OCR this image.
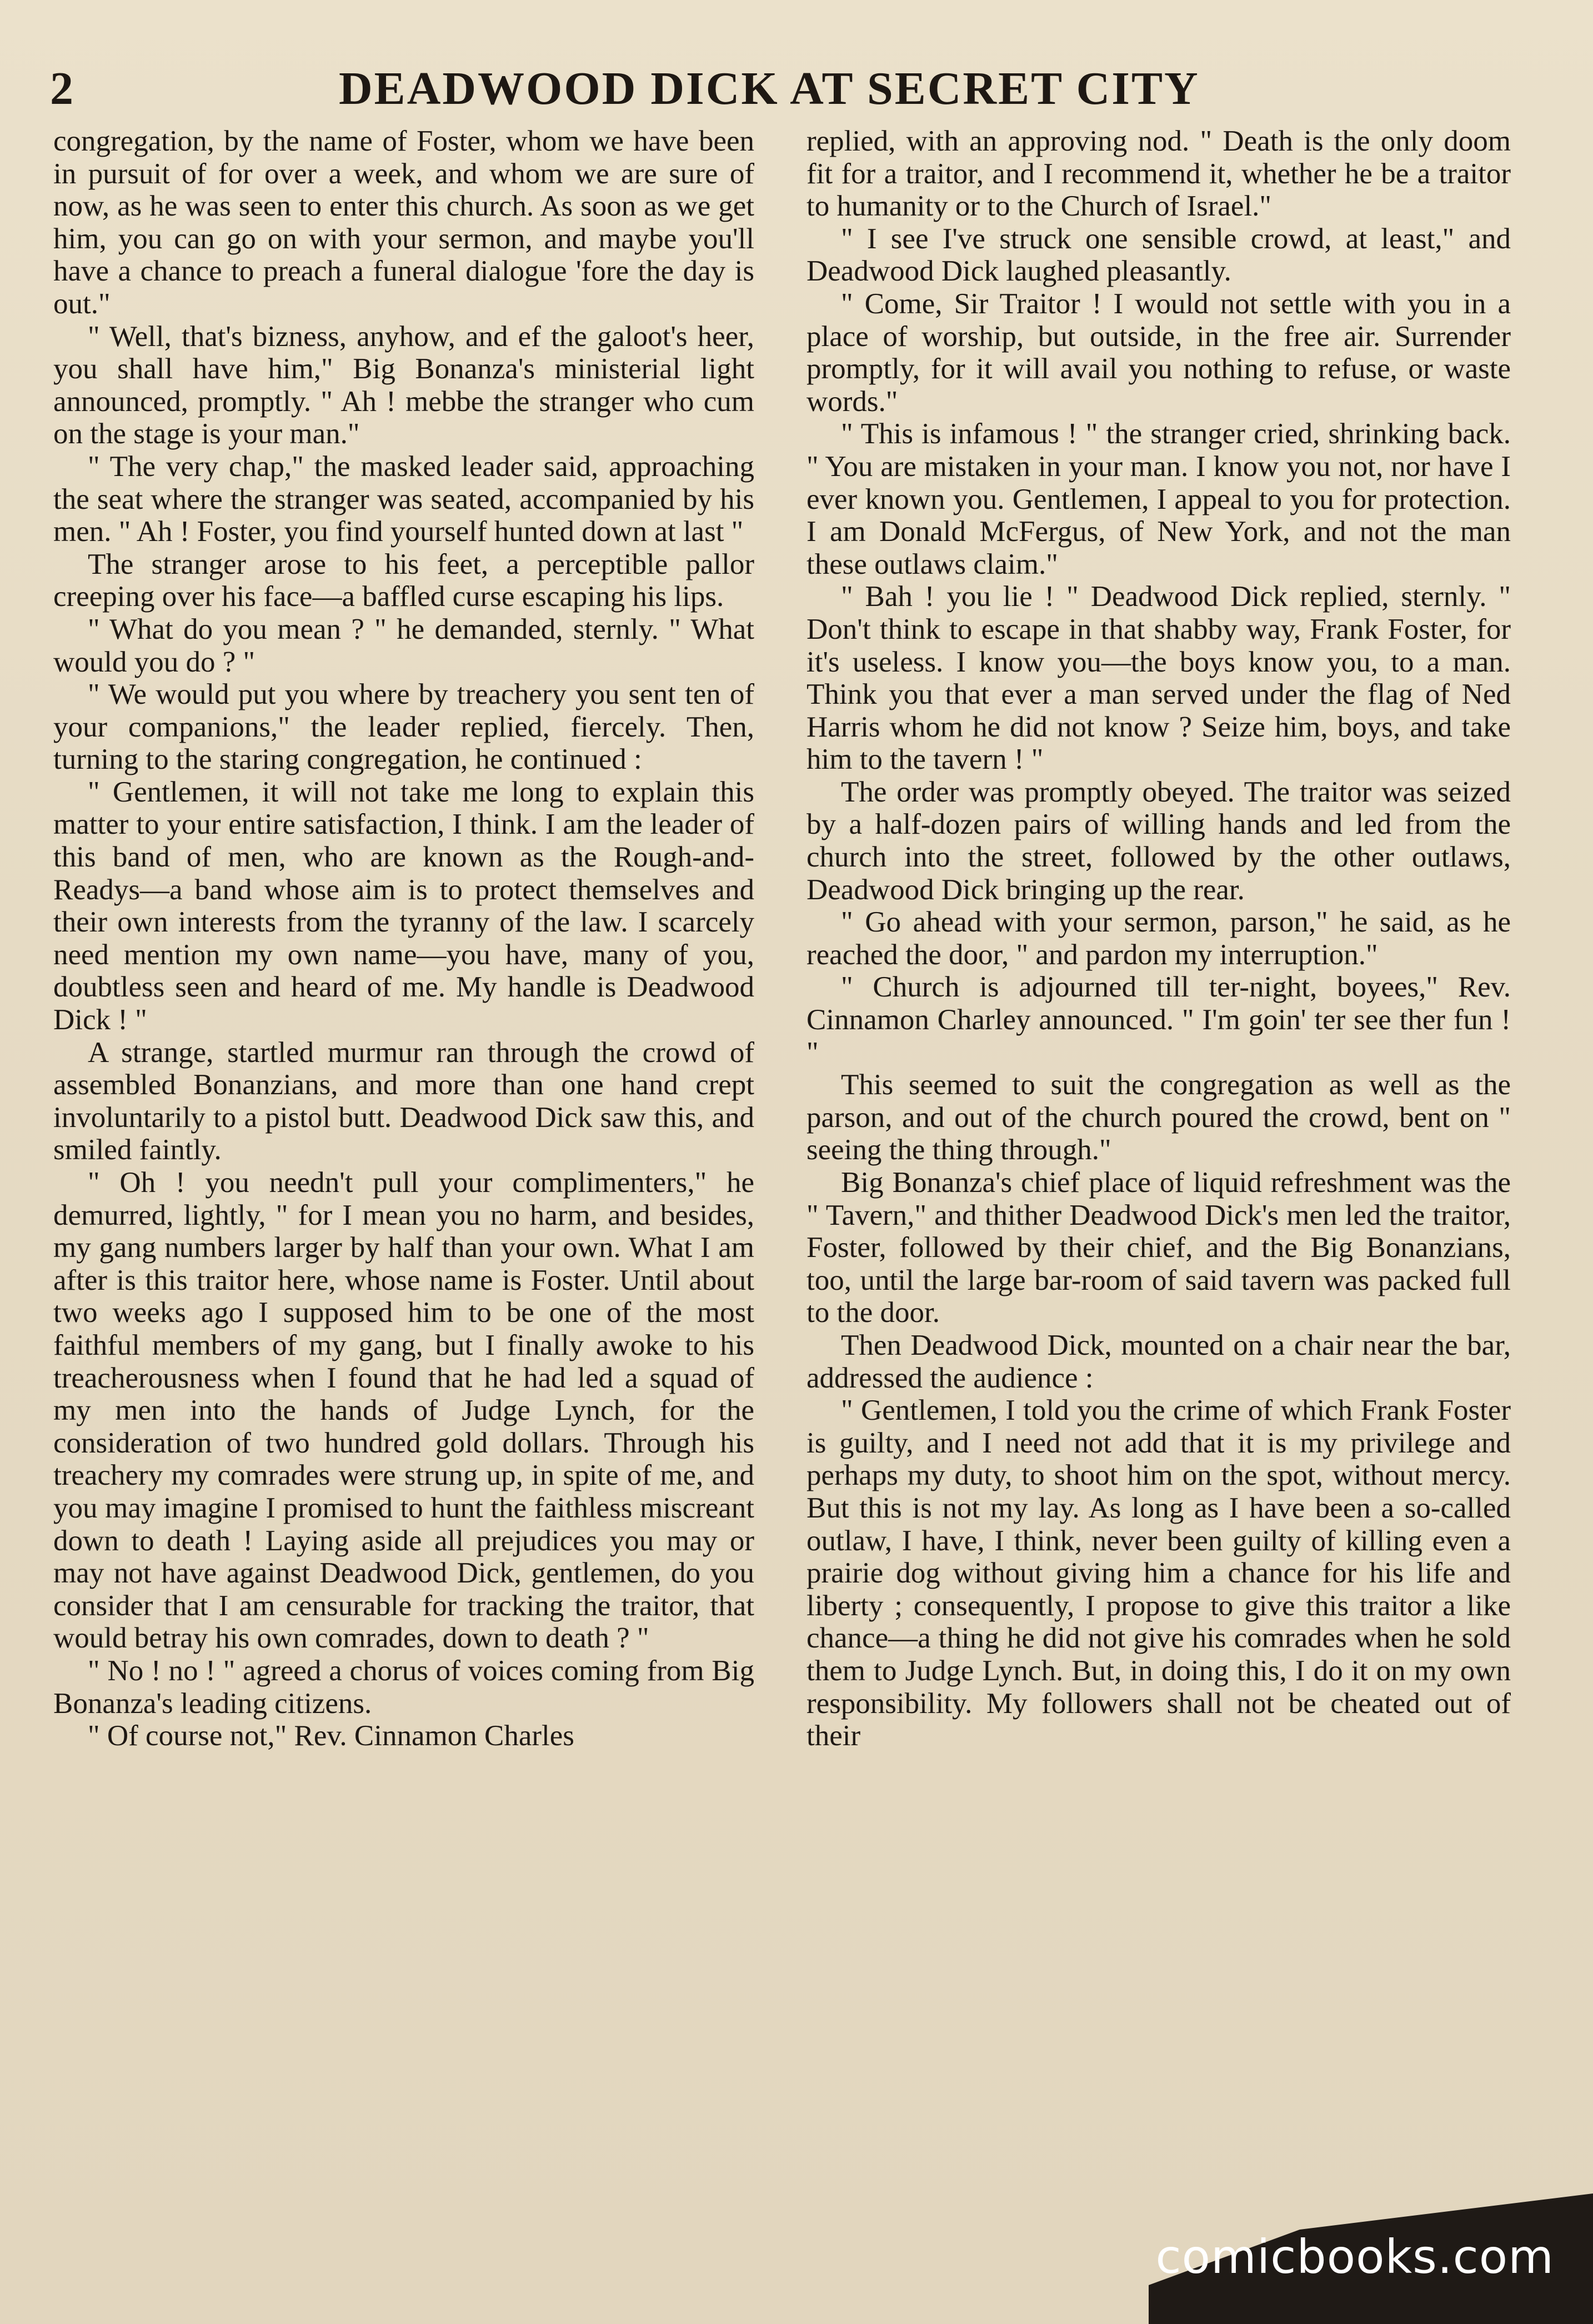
2	DEADWOOD DICK AT SECRET CITY

congregation, by the name of Foster, whom we have been in pursuit of for over a week, and whom we are sure of now, as he was seen to enter this church. As soon as we get him, you can go on with your sermon, and maybe you'll have a chance to preach a funeral dialogue 'fore the day is out."

" Well, that's bizness, anyhow, and ef the galoot's heer, you shall have him," Big Bonanza's ministerial light announced, promptly. " Ah ! mebbe the stranger who cum on the stage is your man."

" The very chap," the masked leader said, approaching the seat where the stranger was seated, accompanied by his men. " Ah ! Foster, you find yourself hunted down at last "

The stranger arose to his feet, a perceptible pallor creeping over his face—a baffled curse escaping his lips.

" What do you mean ? " he demanded, sternly. " What would you do ? "

" We would put you where by treachery you sent ten of your companions," the leader replied, fiercely. Then, turning to the staring congregation, he continued :

" Gentlemen, it will not take me long to explain this matter to your entire satisfaction, I think. I am the leader of this band of men, who are known as the Rough-and-Readys—a band whose aim is to protect themselves and their own interests from the tyranny of the law. I scarcely need mention my own name—you have, many of you, doubtless seen and heard of me. My handle is Deadwood Dick ! "

A strange, startled murmur ran through the crowd of assembled Bonanzians, and more than one hand crept involuntarily to a pistol butt. Deadwood Dick saw this, and smiled faintly.

" Oh ! you needn't pull your complimenters," he demurred, lightly, " for I mean you no harm, and besides, my gang numbers larger by half than your own. What I am after is this traitor here, whose name is Foster. Until about two weeks ago I supposed him to be one of the most faithful members of my gang, but I finally awoke to his treacherousness when I found that he had led a squad of my men into the hands of Judge Lynch, for the consideration of two hundred gold dollars. Through his treachery my comrades were strung up, in spite of me, and you may imagine I promised to hunt the faithless miscreant down to death ! Laying aside all prejudices you may or may not have against Deadwood Dick, gentlemen, do you consider that I am censurable for tracking the traitor, that would betray his own comrades, down to death ? "

" No ! no ! " agreed a chorus of voices coming from Big Bonanza's leading citizens.

" Of course not," Rev. Cinnamon Charles

replied, with an approving nod. " Death is the only doom fit for a traitor, and I recommend it, whether he be a traitor to humanity or to the Church of Israel."

" I see I've struck one sensible crowd, at least," and Deadwood Dick laughed pleasantly.

" Come, Sir Traitor ! I would not settle with you in a place of worship, but outside, in the free air. Surrender promptly, for it will avail you nothing to refuse, or waste words."

" This is infamous ! " the stranger cried, shrinking back. " You are mistaken in your man. I know you not, nor have I ever known you. Gentlemen, I appeal to you for protection. I am Donald McFergus, of New York, and not the man these outlaws claim."

" Bah ! you lie ! " Deadwood Dick replied, sternly. " Don't think to escape in that shabby way, Frank Foster, for it's useless. I know you—the boys know you, to a man. Think you that ever a man served under the flag of Ned Harris whom he did not know ? Seize him, boys, and take him to the tavern ! "

The order was promptly obeyed. The traitor was seized by a half-dozen pairs of willing hands and led from the church into the street, followed by the other outlaws, Deadwood Dick bringing up the rear.

" Go ahead with your sermon, parson," he said, as he reached the door, " and pardon my interruption."

" Church is adjourned till ter-night, boyees," Rev. Cinnamon Charley announced. " I'm goin' ter see ther fun ! "

This seemed to suit the congregation as well as the parson, and out of the church poured the crowd, bent on " seeing the thing through."

Big Bonanza's chief place of liquid refreshment was the " Tavern," and thither Deadwood Dick's men led the traitor, Foster, followed by their chief, and the Big Bonanzians, too, until the large bar-room of said tavern was packed full to the door.

Then Deadwood Dick, mounted on a chair near the bar, addressed the audience :

" Gentlemen, I told you the crime of which Frank Foster is guilty, and I need not add that it is my privilege and perhaps my duty, to shoot him on the spot, without mercy. But this is not my lay. As long as I have been a so-called outlaw, I have, I think, never been guilty of killing even a prairie dog without giving him a chance for his life and liberty ; consequently, I propose to give this traitor a like chance—a thing he did not give his comrades when he sold them to Judge Lynch. But, in doing this, I do it on my own responsibility. My followers shall not be cheated out of their

comicbooks.com
